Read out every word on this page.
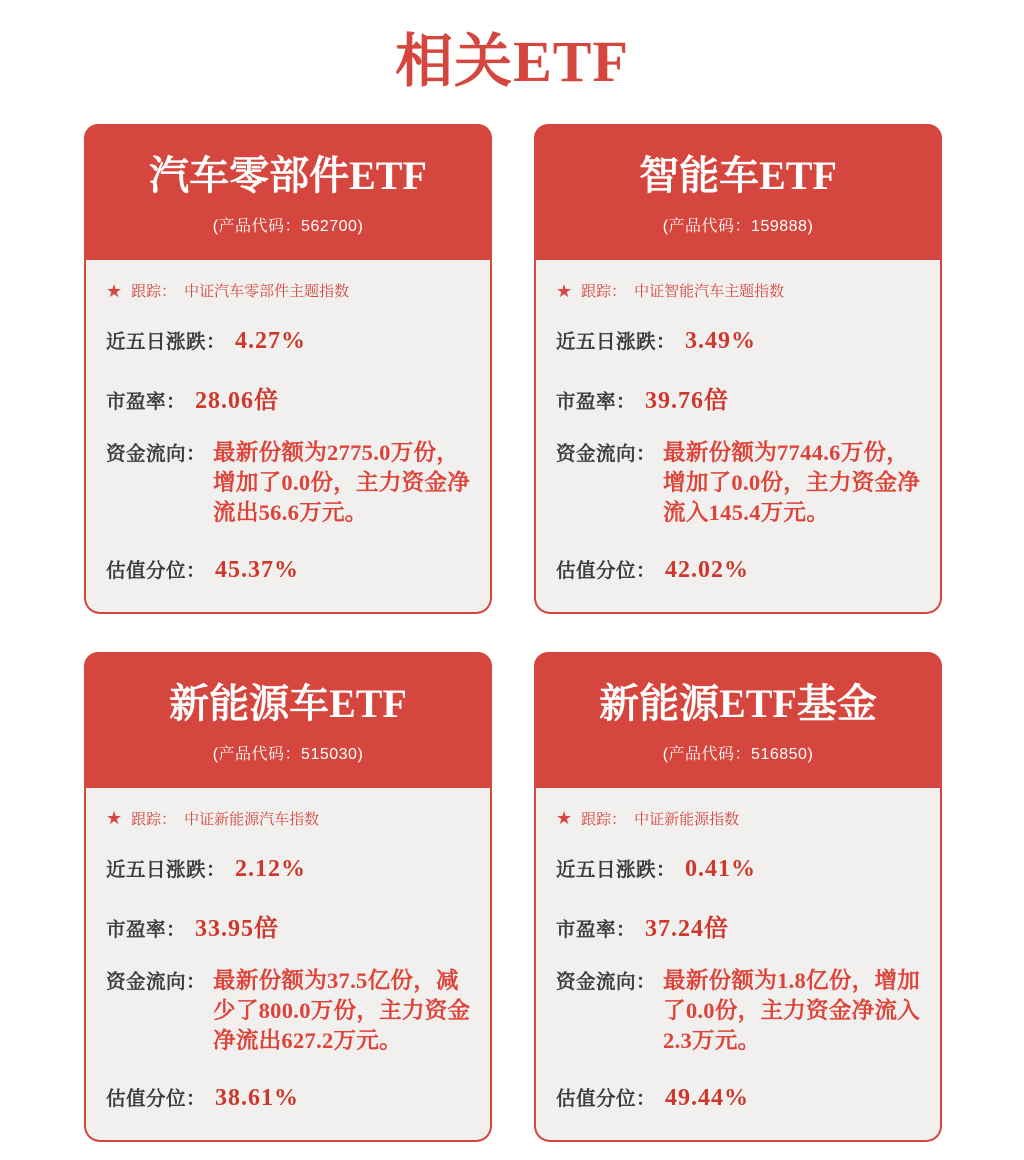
相关ETF
汽车零部件ETF
(产品代码：562700)
★ 跟踪： 中证汽车零部件主题指数
近五日涨跌： 4.27%
市盈率： 28.06倍
资金流向： 最新份额为2775.0万份，增加了0.0份，主力资金净流出56.6万元。
估值分位： 45.37%
智能车ETF
(产品代码：159888)
★ 跟踪： 中证智能汽车主题指数
近五日涨跌： 3.49%
市盈率： 39.76倍
资金流向： 最新份额为7744.6万份，增加了0.0份，主力资金净流入145.4万元。
估值分位： 42.02%
新能源车ETF
(产品代码：515030)
★ 跟踪： 中证新能源汽车指数
近五日涨跌： 2.12%
市盈率： 33.95倍
资金流向： 最新份额为37.5亿份，减少了800.0万份，主力资金净流出627.2万元。
估值分位： 38.61%
新能源ETF基金
(产品代码：516850)
★ 跟踪： 中证新能源指数
近五日涨跌： 0.41%
市盈率： 37.24倍
资金流向： 最新份额为1.8亿份，增加了0.0份，主力资金净流入2.3万元。
估值分位： 49.44%
